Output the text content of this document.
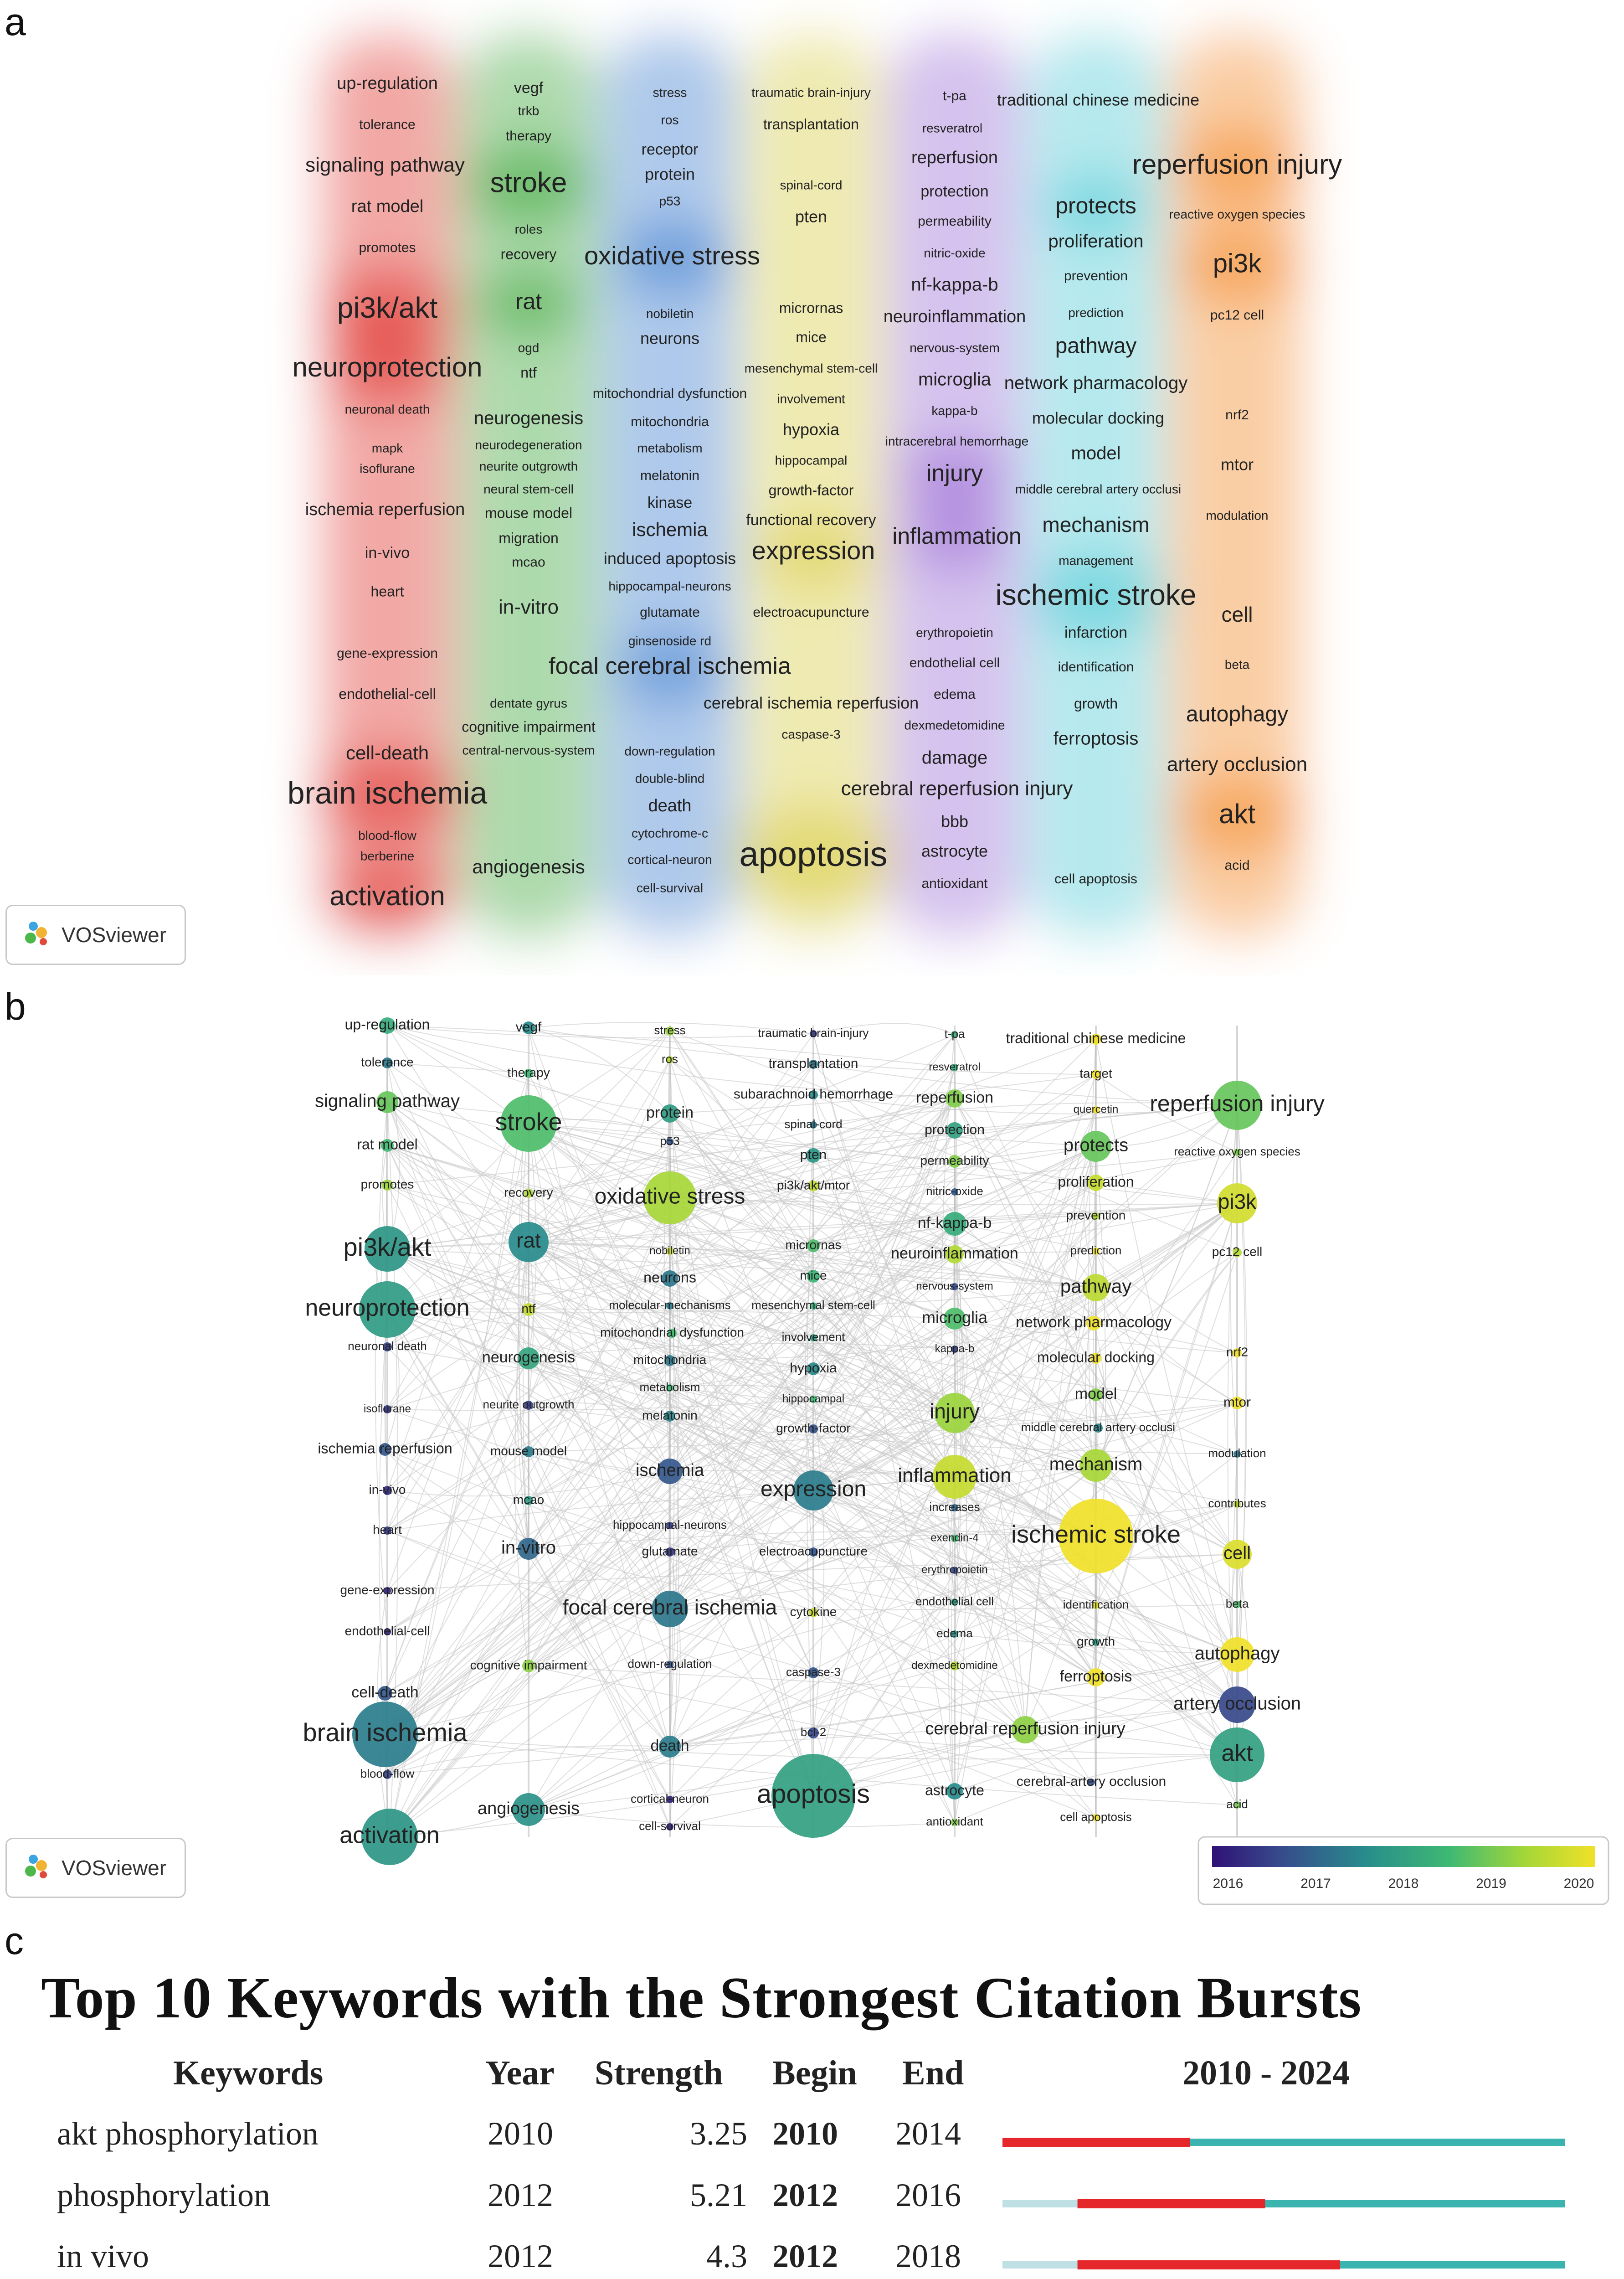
a
b
c
up-regulation
tolerance
signaling pathway
rat model
promotes
pi3k/akt
neuroprotection
neuronal death
mapk
isoflurane
ischemia reperfusion
in-vivo
heart
gene-expression
endothelial-cell
cell-death
brain ischemia
blood-flow
berberine
activation
vegf
trkb
therapy
stroke
roles
recovery
rat
ogd
ntf
neurogenesis
neurodegeneration
neurite outgrowth
neural stem-cell
mouse model
migration
mcao
in-vitro
dentate gyrus
cognitive impairment
central-nervous-system
angiogenesis
stress
ros
receptor
protein
p53
oxidative stress
nobiletin
neurons
mitochondrial dysfunction
mitochondria
metabolism
melatonin
kinase
ischemia
induced apoptosis
hippocampal-neurons
glutamate
focal cerebral ischemia
down-regulation
double-blind
death
cytochrome-c
cortical-neuron
cell-survival
traumatic brain-injury
transplantation
spinal-cord
pten
micrornas
mice
mesenchymal stem-cell
involvement
hypoxia
hippocampal
growth-factor
functional recovery
expression
electroacupuncture
ginsenoside rd
cerebral ischemia reperfusion
caspase-3
cerebral reperfusion injury
apoptosis
t-pa
resveratrol
reperfusion
protection
permeability
nitric-oxide
nf-kappa-b
neuroinflammation
nervous-system
microglia
kappa-b
intracerebral hemorrhage
injury
inflammation
erythropoietin
endothelial cell
edema
dexmedetomidine
damage
bbb
astrocyte
antioxidant
traditional chinese medicine
protects
proliferation
prevention
prediction
pathway
network pharmacology
molecular docking
model
middle cerebral artery occlusi
mechanism
management
ischemic stroke
infarction
identification
growth
ferroptosis
cell apoptosis
reperfusion injury
reactive oxygen species
pi3k
pc12 cell
nrf2
mtor
modulation
cell
beta
autophagy
artery occlusion
akt
acid
VOSviewer
up-regulation
tolerance
signaling pathway
rat model
promotes
pi3k/akt
neuroprotection
neuronal death
isoflurane
ischemia reperfusion
in-vivo
heart
gene-expression
endothelial-cell
cell-death
brain ischemia
blood-flow
activation
vegf
therapy
stroke
recovery
rat
ntf
neurogenesis
neurite outgrowth
mouse model
mcao
in-vitro
cognitive impairment
angiogenesis
stress
ros
protein
p53
oxidative stress
nobiletin
neurons
molecular-mechanisms
mitochondrial dysfunction
mitochondria
metabolism
melatonin
ischemia
hippocampal-neurons
glutamate
focal cerebral ischemia
down-regulation
death
cortical-neuron
cell-survival
traumatic brain-injury
transplantation
subarachnoid hemorrhage
spinal-cord
pten
pi3k/akt/mtor
micrornas
mice
mesenchymal stem-cell
involvement
hypoxia
hippocampal
growth-factor
expression
electroacupuncture
cytokine
caspase-3
bcl-2
apoptosis
t-pa
resveratrol
reperfusion
protection
permeability
nitric-oxide
nf-kappa-b
neuroinflammation
nervous-system
microglia
kappa-b
injury
inflammation
increases
exendin-4
erythropoietin
endothelial cell
edema
dexmedetomidine
astrocyte
antioxidant
cerebral reperfusion injury
traditional chinese medicine
target
quercetin
protects
proliferation
prevention
prediction
pathway
network pharmacology
molecular docking
model
middle cerebral artery occlusi
mechanism
ischemic stroke
identification
growth
ferroptosis
cerebral-artery occlusion
cell apoptosis
reperfusion injury
reactive oxygen species
pi3k
pc12 cell
nrf2
mtor
modulation
contributes
cell
beta
autophagy
artery occlusion
akt
acid
2016	2017	2018	2019	2020
VOSviewer
Top 10 Keywords with the Strongest Citation Bursts
Keywords	Year Strength Begin End	2010 - 2024
akt phosphorylation	2010	3.25 2010 2014
phosphorylation	2012	5.21 2012 2016
in vivo	2012	4.3 2012 2018
